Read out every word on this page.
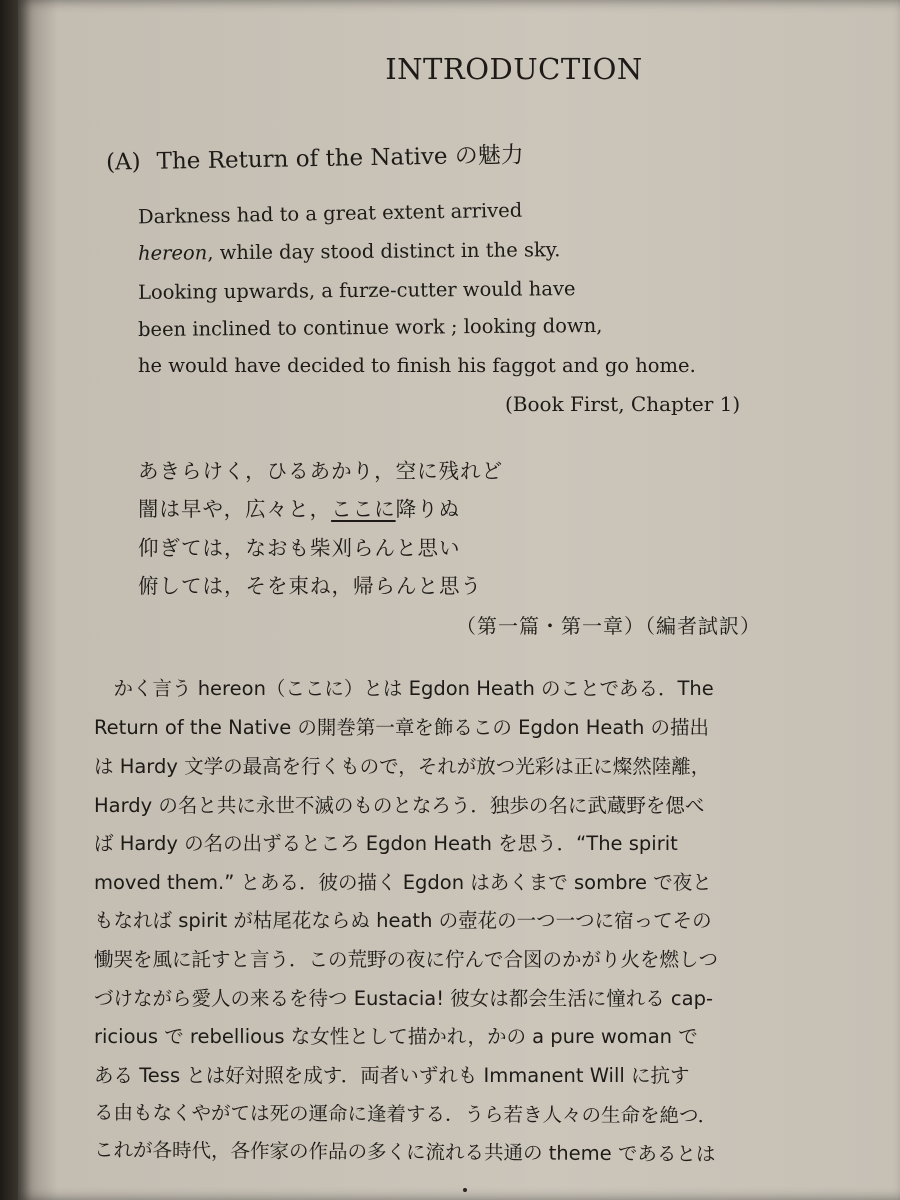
INTRODUCTION
(A) The Return of the Native の魅力
Darkness had to a great extent arrived
hereon, while day stood distinct in the sky.
Looking upwards, a furze-cutter would have
been inclined to continue work ; looking down,
he would have decided to finish his faggot and go home.
(Book First, Chapter 1)
あきらけく，ひるあかり，空に残れど
闇は早や，広々と，ここに降りぬ
仰ぎては，なおも柴刈らんと思い
俯しては，そを束ね，帰らんと思う
（第一篇・第一章）（編者試訳）
　かく言う hereon（ここに）とは Egdon Heath のことである．The
Return of the Native の開巻第一章を飾るこの Egdon Heath の描出
は Hardy 文学の最高を行くもので，それが放つ光彩は正に燦然陸離，
Hardy の名と共に永世不滅のものとなろう．独歩の名に武蔵野を偲べ
ば Hardy の名の出ずるところ Egdon Heath を思う．“The spirit
moved them.” とある．彼の描く Egdon はあくまで sombre で夜と
もなれば spirit が枯尾花ならぬ heath の壺花の一つ一つに宿ってその
慟哭を風に託すと言う．この荒野の夜に佇んで合図のかがり火を燃しつ
づけながら愛人の来るを待つ Eustacia! 彼女は都会生活に憧れる cap-
ricious で rebellious な女性として描かれ，かの a pure woman で
ある Tess とは好対照を成す．両者いずれも Immanent Will に抗す
る由もなくやがては死の運命に逢着する．うら若き人々の生命を絶つ．
これが各時代，各作家の作品の多くに流れる共通の theme であるとは
